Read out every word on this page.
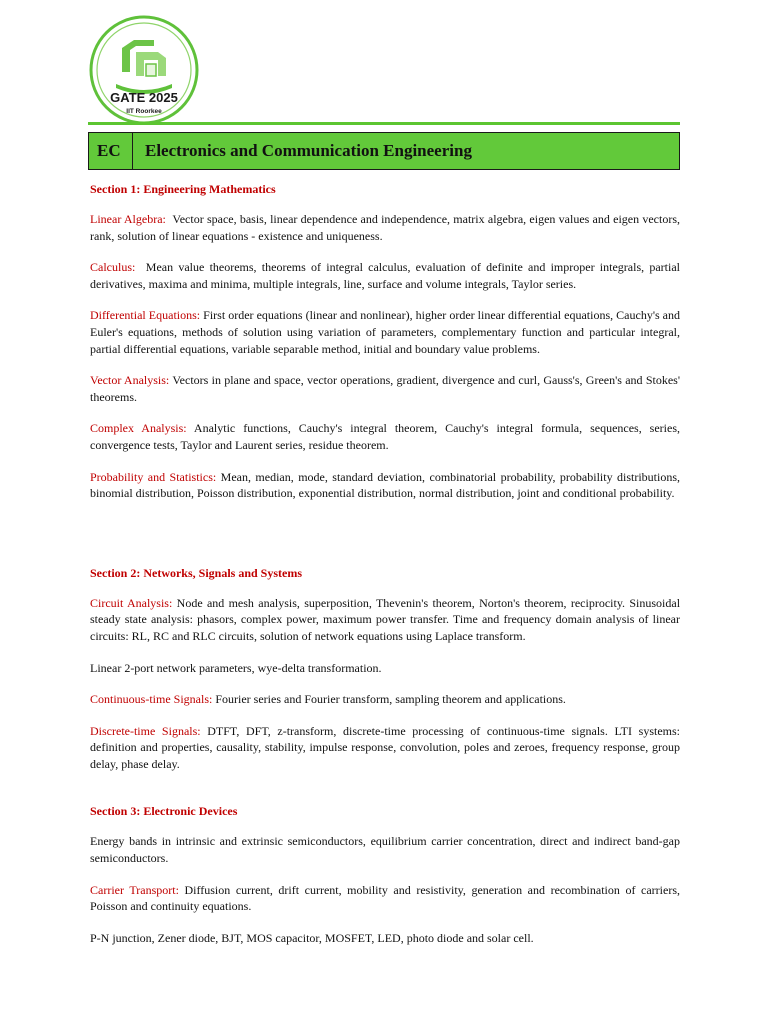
GATE 2025
IIT Roorkee
EC	Electronics and Communication Engineering

Section 1: Engineering Mathematics

Linear Algebra: Vector space, basis, linear dependence and independence, matrix algebra, eigen values and eigen vectors, rank, solution of linear equations - existence and uniqueness.

Calculus: Mean value theorems, theorems of integral calculus, evaluation of definite and improper integrals, partial derivatives, maxima and minima, multiple integrals, line, surface and volume integrals, Taylor series.

Differential Equations: First order equations (linear and nonlinear), higher order linear differential equations, Cauchy's and Euler's equations, methods of solution using variation of parameters, complementary function and particular integral, partial differential equations, variable separable method, initial and boundary value problems.

Vector Analysis: Vectors in plane and space, vector operations, gradient, divergence and curl, Gauss's, Green's and Stokes' theorems.

Complex Analysis: Analytic functions, Cauchy's integral theorem, Cauchy's integral formula, sequences, series, convergence tests, Taylor and Laurent series, residue theorem.

Probability and Statistics: Mean, median, mode, standard deviation, combinatorial probability, probability distributions, binomial distribution, Poisson distribution, exponential distribution, normal distribution, joint and conditional probability.

Section 2: Networks, Signals and Systems

Circuit Analysis: Node and mesh analysis, superposition, Thevenin's theorem, Norton's theorem, reciprocity. Sinusoidal steady state analysis: phasors, complex power, maximum power transfer. Time and frequency domain analysis of linear circuits: RL, RC and RLC circuits, solution of network equations using Laplace transform.

Linear 2-port network parameters, wye-delta transformation.

Continuous-time Signals: Fourier series and Fourier transform, sampling theorem and applications.

Discrete-time Signals: DTFT, DFT, z-transform, discrete-time processing of continuous-time signals. LTI systems: definition and properties, causality, stability, impulse response, convolution, poles and zeroes, frequency response, group delay, phase delay.

Section 3: Electronic Devices

Energy bands in intrinsic and extrinsic semiconductors, equilibrium carrier concentration, direct and indirect band-gap semiconductors.

Carrier Transport: Diffusion current, drift current, mobility and resistivity, generation and recombination of carriers, Poisson and continuity equations.

P-N junction, Zener diode, BJT, MOS capacitor, MOSFET, LED, photo diode and solar cell.
